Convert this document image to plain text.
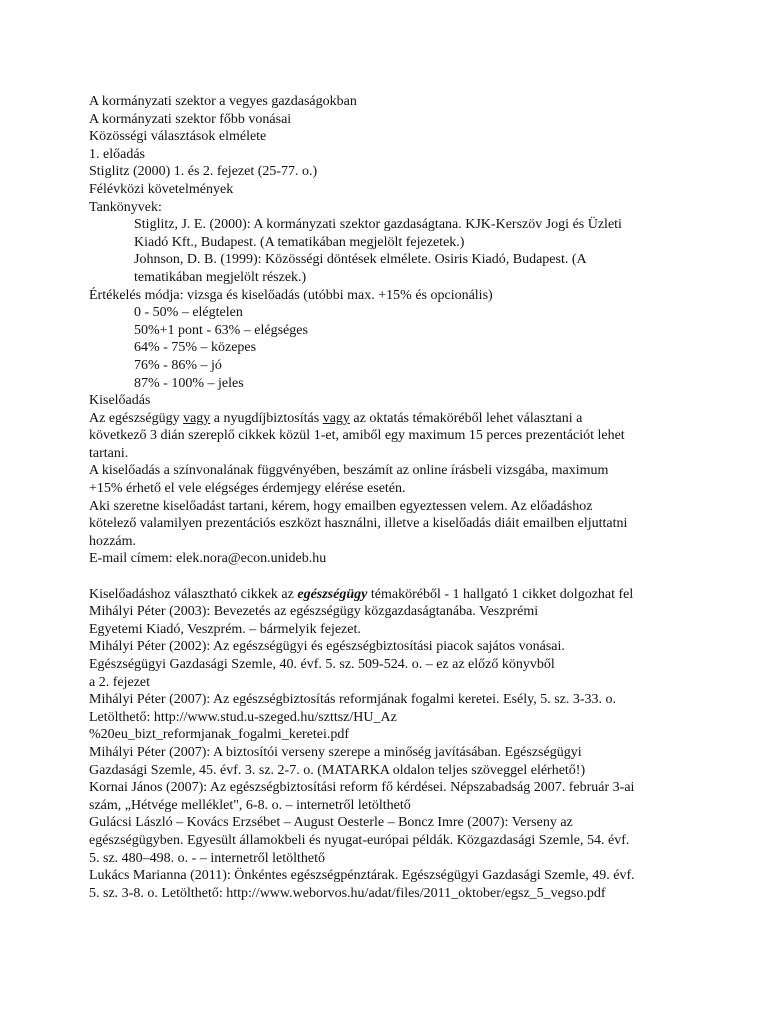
A kormányzati szektor a vegyes gazdaságokban
A kormányzati szektor főbb vonásai
Közösségi választások elmélete
1. előadás
Stiglitz (2000) 1. és 2. fejezet (25-77. o.)
Félévközi követelmények
Tankönyvek:
Stiglitz, J. E. (2000): A kormányzati szektor gazdaságtana. KJK-Kerszöv Jogi és Üzleti
Kiadó Kft., Budapest. (A tematikában megjelölt fejezetek.)
Johnson, D. B. (1999): Közösségi döntések elmélete. Osiris Kiadó, Budapest. (A
tematikában megjelölt részek.)
Értékelés módja: vizsga és kiselőadás (utóbbi max. +15% és opcionális)
0 - 50% – elégtelen
50%+1 pont - 63% – elégséges
64% - 75% – közepes
76% - 86% – jó
87% - 100% – jeles
Kiselőadás
Az egészségügy vagy a nyugdíjbiztosítás vagy az oktatás témaköréből lehet választani a
következő 3 dián szereplő cikkek közül 1-et, amiből egy maximum 15 perces prezentációt lehet
tartani.
A kiselőadás a színvonalának függvényében, beszámít az online írásbeli vizsgába, maximum
+15% érhető el vele elégséges érdemjegy elérése esetén.
Aki szeretne kiselőadást tartani, kérem, hogy emailben egyeztessen velem. Az előadáshoz
kötelező valamilyen prezentációs eszközt használni, illetve a kiselőadás diáit emailben eljuttatni
hozzám.
E-mail címem: elek.nora@econ.unideb.hu
Kiselőadáshoz választható cikkek az egészségügy témaköréből - 1 hallgató 1 cikket dolgozhat fel
Mihályi Péter (2003): Bevezetés az egészségügy közgazdaságtanába. Veszprémi
Egyetemi Kiadó, Veszprém. – bármelyik fejezet.
Mihályi Péter (2002): Az egészségügyi és egészségbiztosítási piacok sajátos vonásai.
Egészségügyi Gazdasági Szemle, 40. évf. 5. sz. 509-524. o. – ez az előző könyvből
a 2. fejezet
Mihályi Péter (2007): Az egészségbiztosítás reformjának fogalmi keretei. Esély, 5. sz. 3-33. o.
Letölthető: http://www.stud.u-szeged.hu/szttsz/HU_Az
%20eu_bizt_reformjanak_fogalmi_keretei.pdf
Mihályi Péter (2007): A biztosítói verseny szerepe a minőség javításában. Egészségügyi
Gazdasági Szemle, 45. évf. 3. sz. 2-7. o. (MATARKA oldalon teljes szöveggel elérhető!)
Kornai János (2007): Az egészségbiztosítási reform fő kérdései. Népszabadság 2007. február 3-ai
szám, „Hétvége melléklet", 6-8. o. – internetről letölthető
Gulácsi László – Kovács Erzsébet – August Oesterle – Boncz Imre (2007): Verseny az
egészségügyben. Egyesült államokbeli és nyugat-európai példák. Közgazdasági Szemle, 54. évf.
5. sz. 480–498. o. - – internetről letölthető
Lukács Marianna (2011): Önkéntes egészségpénztárak. Egészségügyi Gazdasági Szemle, 49. évf.
5. sz. 3-8. o. Letölthető: http://www.weborvos.hu/adat/files/2011_oktober/egsz_5_vegso.pdf
